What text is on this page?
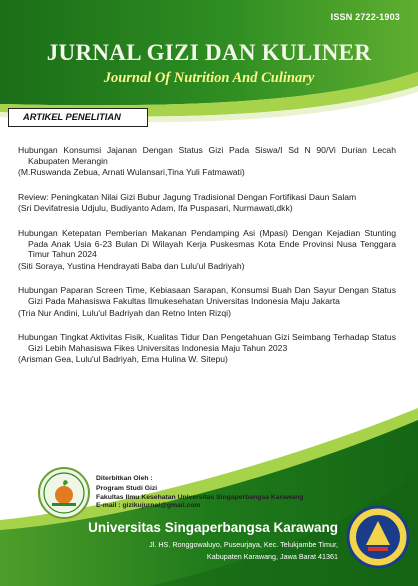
ISSN 2722-1903
JURNAL GIZI DAN KULINER
Journal Of Nutrition And Culinary
ARTIKEL PENELITIAN

Hubungan Konsumsi Jajanan Dengan Status Gizi Pada Siswa/I Sd N 90/Vi Durian Lecah Kabupaten Merangin

(M.Ruswanda Zebua, Arnati Wulansari,Tina Yuli Fatmawati)

Review: Peningkatan Nilai Gizi Bubur Jagung Tradisional Dengan Fortifikasi Daun Salam

(Sri Devifatresia Udjulu, Budiyanto Adam, Ifa Puspasari, Nurmawati,dkk)

Hubungan Ketepatan Pemberian Makanan Pendamping Asi (Mpasi) Dengan Kejadian Stunting Pada Anak Usia 6-23 Bulan Di Wilayah Kerja Puskesmas Kota Ende Provinsi Nusa Tenggara Timur Tahun 2024

(Siti Soraya, Yustina Hendrayati Baba dan Lulu'ul Badriyah)

Hubungan Paparan Screen Time, Kebiasaan Sarapan, Konsumsi Buah Dan Sayur Dengan Status Gizi Pada Mahasiswa Fakultas Ilmukesehatan Universitas Indonesia Maju Jakarta

(Tria Nur Andini, Lulu'ul Badriyah dan Retno Inten Rizqi)

Hubungan Tingkat Aktivitas Fisik, Kualitas Tidur Dan Pengetahuan Gizi Seimbang Terhadap Status Gizi Lebih Mahasiswa Fikes Universitas Indonesia Maju Tahun 2023

(Arisman Gea, Lulu'ul Badriyah, Ema Hulina W. Sitepu)

Diterbitkan Oleh :
Program Studi Gizi
Fakultas Ilmu Kesehatan Universitas Singaperbangsa Karawang
E-mail : gizikujurnal@gmail.com
Universitas Singaperbangsa Karawang
Jl. HS. Ronggowaluyo, Puseurjaya, Kec. Telukjambe Timur,
Kabupaten Karawang, Jawa Barat 41361
